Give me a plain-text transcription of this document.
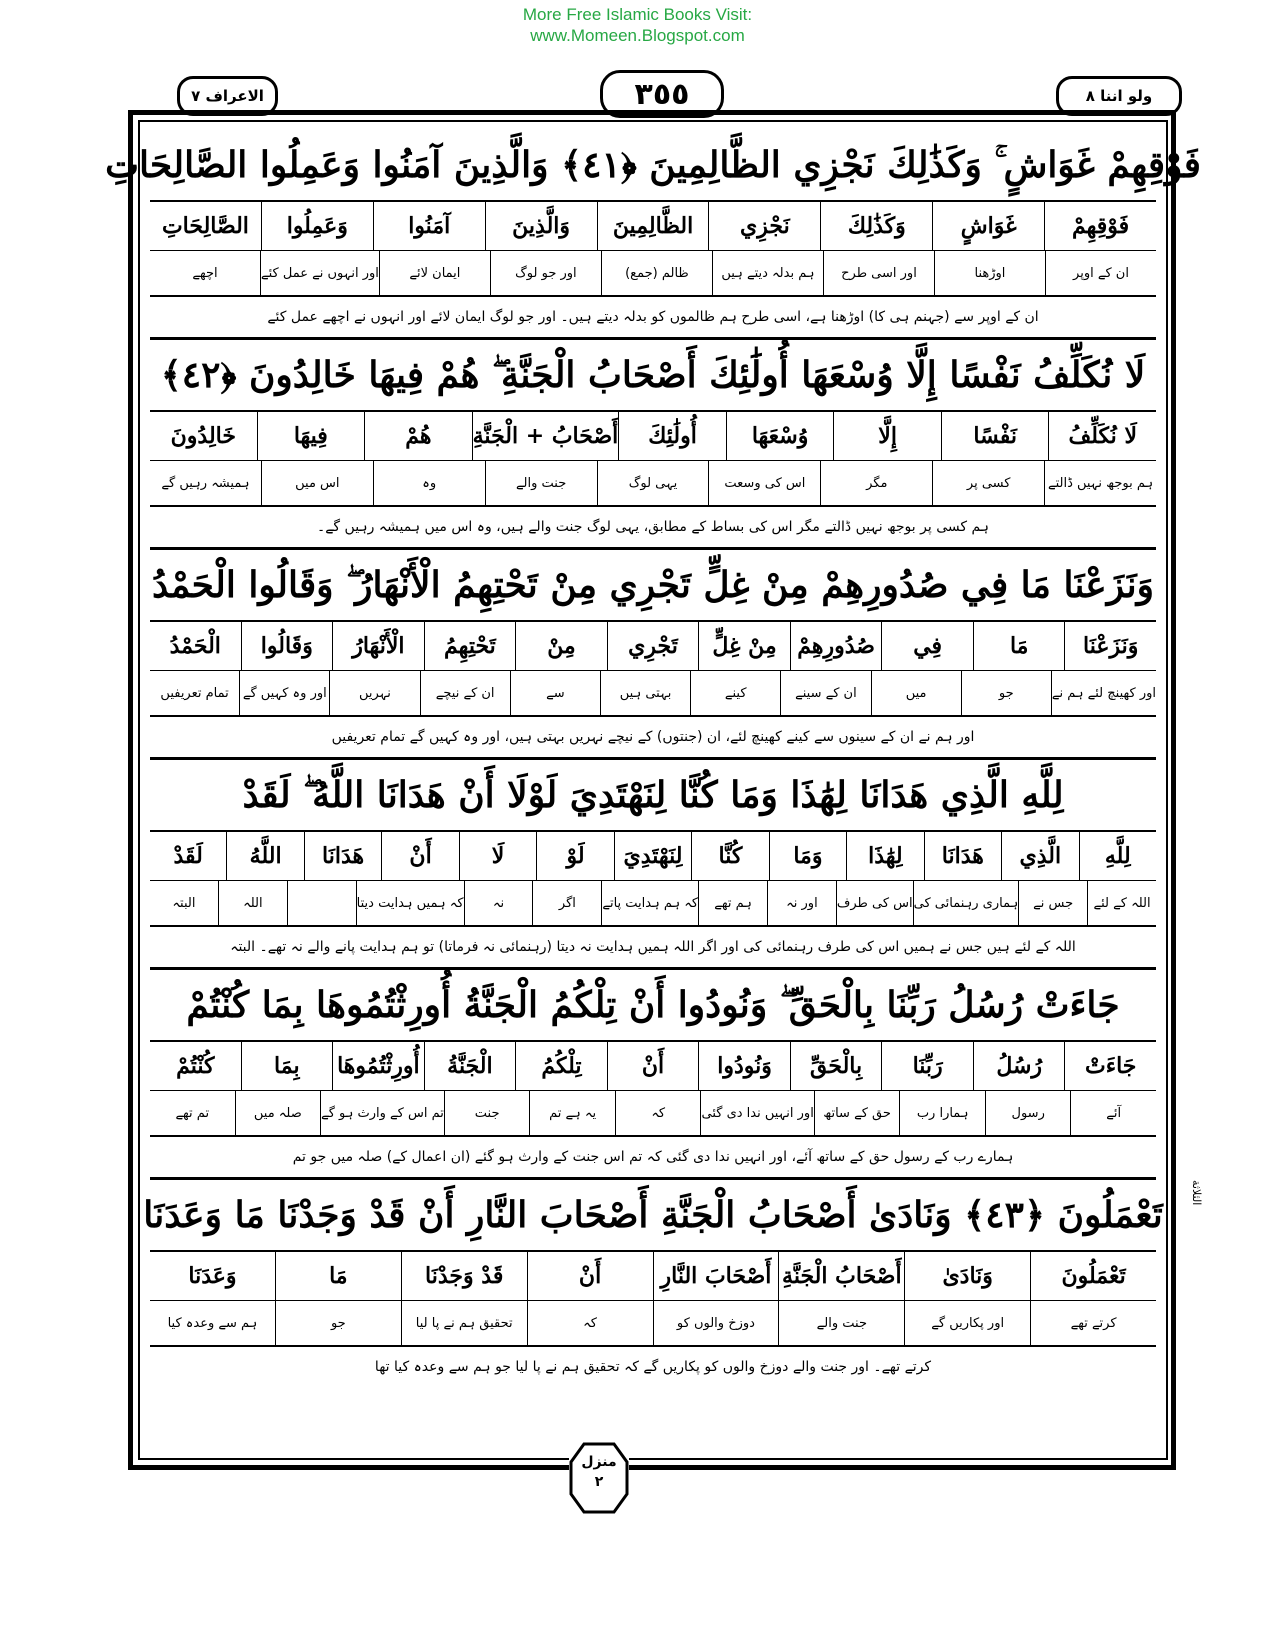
More Free Islamic Books Visit:
www.Momeen.Blogspot.com
الاعراف ٧	٣٥٥	ولو اننا ٨
فَوْقِهِمْ غَوَاشٍ ۚ وَكَذَٰلِكَ نَجْزِي الظَّالِمِينَ ﴿٤١﴾ وَالَّذِينَ آمَنُوا وَعَمِلُوا الصَّالِحَاتِ
فَوْقِهِمْ
غَوَاشٍ
وَكَذَٰلِكَ
نَجْزِي
الظَّالِمِينَ
وَالَّذِينَ
آمَنُوا
وَعَمِلُوا
الصَّالِحَاتِ
ان کے اوپر
اوڑھنا
اور اسی طرح
ہم بدلہ دیتے ہیں
ظالم (جمع)
اور جو لوگ
ایمان لائے
اور انہوں نے عمل کئے
اچھے
ان کے اوپر سے (جہنم ہی کا) اوڑھنا ہے، اسی طرح ہم ظالموں کو بدلہ دیتے ہیں۔ اور جو لوگ ایمان لائے اور انہوں نے اچھے عمل کئے
لَا نُكَلِّفُ نَفْسًا إِلَّا وُسْعَهَا أُولَٰئِكَ أَصْحَابُ الْجَنَّةِ ۖ هُمْ فِيهَا خَالِدُونَ ﴿٤٢﴾
لَا نُكَلِّفُ
نَفْسًا
إِلَّا
وُسْعَهَا
أُولَٰئِكَ
أَصْحَابُ + الْجَنَّةِ
هُمْ
فِيهَا
خَالِدُونَ
ہم بوجھ نہیں ڈالتے
کسی پر
مگر
اس کی وسعت
یہی لوگ
جنت والے
وہ
اس میں
ہمیشہ رہیں گے
ہم کسی پر بوجھ نہیں ڈالتے مگر اس کی بساط کے مطابق، یہی لوگ جنت والے ہیں، وہ اس میں ہمیشہ رہیں گے۔
وَنَزَعْنَا مَا فِي صُدُورِهِمْ مِنْ غِلٍّ تَجْرِي مِنْ تَحْتِهِمُ الْأَنْهَارُ ۖ وَقَالُوا الْحَمْدُ
وَنَزَعْنَا
مَا
فِي
صُدُورِهِمْ
مِنْ غِلٍّ
تَجْرِي
مِنْ
تَحْتِهِمُ
الْأَنْهَارُ
وَقَالُوا
الْحَمْدُ
اور کھینچ لئے ہم نے
جو
میں
ان کے سینے
کینے
بہتی ہیں
سے
ان کے نیچے
نہریں
اور وہ کہیں گے
تمام تعریفیں
اور ہم نے ان کے سینوں سے کینے کھینچ لئے، ان (جنتوں) کے نیچے نہریں بہتی ہیں، اور وہ کہیں گے تمام تعریفیں
لِلَّهِ الَّذِي هَدَانَا لِهَٰذَا وَمَا كُنَّا لِنَهْتَدِيَ لَوْلَا أَنْ هَدَانَا اللَّهُ ۖ لَقَدْ
لِلَّهِ
الَّذِي
هَدَانَا
لِهَٰذَا
وَمَا
كُنَّا
لِنَهْتَدِيَ
لَوْ
لَا
أَنْ
هَدَانَا
اللَّهُ
لَقَدْ
اللہ کے لئے
جس نے
ہماری رہنمائی کی
اس کی طرف
اور نہ
ہم تھے
کہ ہم ہدایت پاتے
اگر
نہ
کہ ہمیں ہدایت دیتا
اللہ
البتہ
اللہ کے لئے ہیں جس نے ہمیں اس کی طرف رہنمائی کی اور اگر اللہ ہمیں ہدایت نہ دیتا (رہنمائی نہ فرماتا) تو ہم ہدایت پانے والے نہ تھے۔ البتہ
جَاءَتْ رُسُلُ رَبِّنَا بِالْحَقِّ ۖ وَنُودُوا أَنْ تِلْكُمُ الْجَنَّةُ أُورِثْتُمُوهَا بِمَا كُنْتُمْ
جَاءَتْ
رُسُلُ
رَبِّنَا
بِالْحَقِّ
وَنُودُوا
أَنْ
تِلْكُمُ
الْجَنَّةُ
أُورِثْتُمُوهَا
بِمَا
كُنْتُمْ
آئے
رسول
ہمارا رب
حق کے ساتھ
اور انہیں ندا دی گئی
کہ
یہ ہے تم
جنت
تم اس کے وارث ہو گے
صلہ میں
تم تھے
ہمارے رب کے رسول حق کے ساتھ آئے، اور انہیں ندا دی گئی کہ تم اس جنت کے وارث ہو گئے (ان اعمال کے) صلہ میں جو تم
تَعْمَلُونَ ﴿٤٣﴾ وَنَادَىٰ أَصْحَابُ الْجَنَّةِ أَصْحَابَ النَّارِ أَنْ قَدْ وَجَدْنَا مَا وَعَدَنَا
تَعْمَلُونَ
وَنَادَىٰ
أَصْحَابُ الْجَنَّةِ
أَصْحَابَ النَّارِ
أَنْ
قَدْ وَجَدْنَا
مَا
وَعَدَنَا
کرتے تھے
اور پکاریں گے
جنت والے
دوزخ والوں کو
کہ
تحقیق ہم نے پا لیا
جو
ہم سے وعدہ کیا
کرتے تھے۔ اور جنت والے دوزخ والوں کو پکاریں گے کہ تحقیق ہم نے پا لیا جو ہم سے وعدہ کیا تھا
الثلاثة
منزل
٢
